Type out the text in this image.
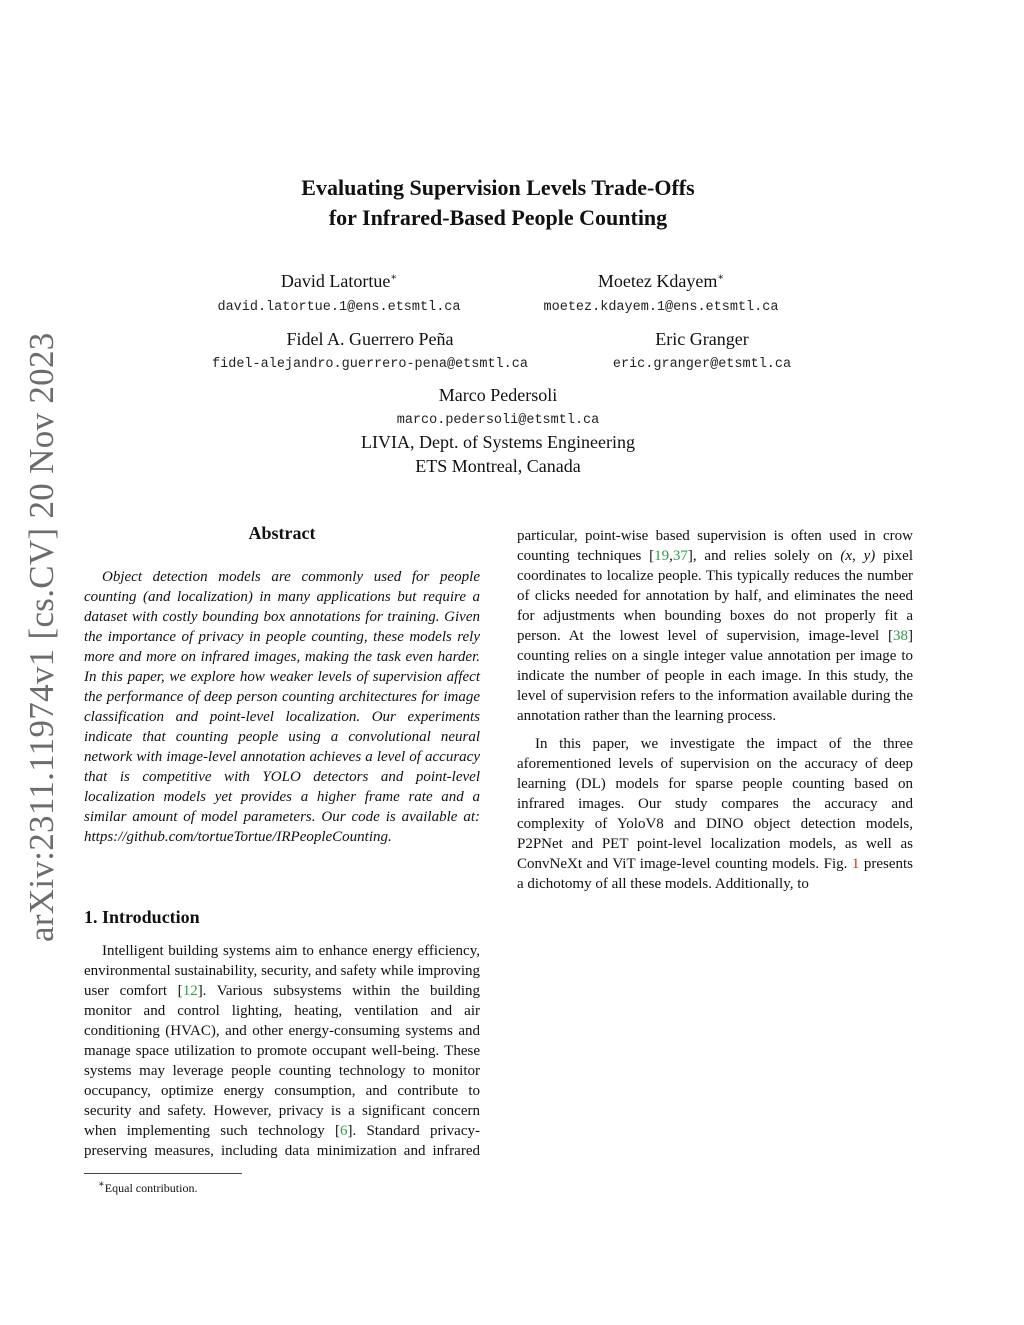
arXiv:2311.11974v1 [cs.CV] 20 Nov 2023
Evaluating Supervision Levels Trade-Offs
for Infrared-Based People Counting
David Latortue∗
david.latortue.1@ens.etsmtl.ca
Moetez Kdayem∗
moetez.kdayem.1@ens.etsmtl.ca
Fidel A. Guerrero Peña
fidel-alejandro.guerrero-pena@etsmtl.ca
Eric Granger
eric.granger@etsmtl.ca
Marco Pedersoli
marco.pedersoli@etsmtl.ca
LIVIA, Dept. of Systems Engineering
ETS Montreal, Canada
Abstract

Object detection models are commonly used for people counting (and localization) in many applications but require a dataset with costly bounding box annotations for training. Given the importance of privacy in people counting, these models rely more and more on infrared images, making the task even harder. In this paper, we explore how weaker levels of supervision affect the performance of deep person counting architectures for image classification and point-level localization. Our experiments indicate that counting people using a convolutional neural network with image-level annotation achieves a level of accuracy that is competitive with YOLO detectors and point-level localization models yet provides a higher frame rate and a similar amount of model parameters. Our code is available at: https://github.com/tortueTortue/IRPeopleCounting.

1. Introduction

Intelligent building systems aim to enhance energy efficiency, environmental sustainability, security, and safety while improving user comfort [12]. Various subsystems within the building monitor and control lighting, heating, ventilation and air conditioning (HVAC), and other energy-consuming systems and manage space utilization to promote occupant well-being. These systems may leverage people counting technology to monitor occupancy, optimize energy consumption, and contribute to security and safety. However, privacy is a significant concern when implementing such technology [6]. Standard privacy-preserving measures, including data minimization and infrared

particular, point-wise based supervision is often used in crow counting techniques [19,37], and relies solely on (x, y) pixel coordinates to localize people. This typically reduces the number of clicks needed for annotation by half, and eliminates the need for adjustments when bounding boxes do not properly fit a person. At the lowest level of supervision, image-level [38] counting relies on a single integer value annotation per image to indicate the number of people in each image. In this study, the level of supervision refers to the information available during the annotation rather than the learning process.

In this paper, we investigate the impact of the three aforementioned levels of supervision on the accuracy of deep learning (DL) models for sparse people counting based on infrared images. Our study compares the accuracy and complexity of YoloV8 and DINO object detection models, P2PNet and PET point-level localization models, as well as ConvNeXt and ViT image-level counting models. Fig. 1 presents a dichotomy of all these models. Additionally, to

∗Equal contribution.
